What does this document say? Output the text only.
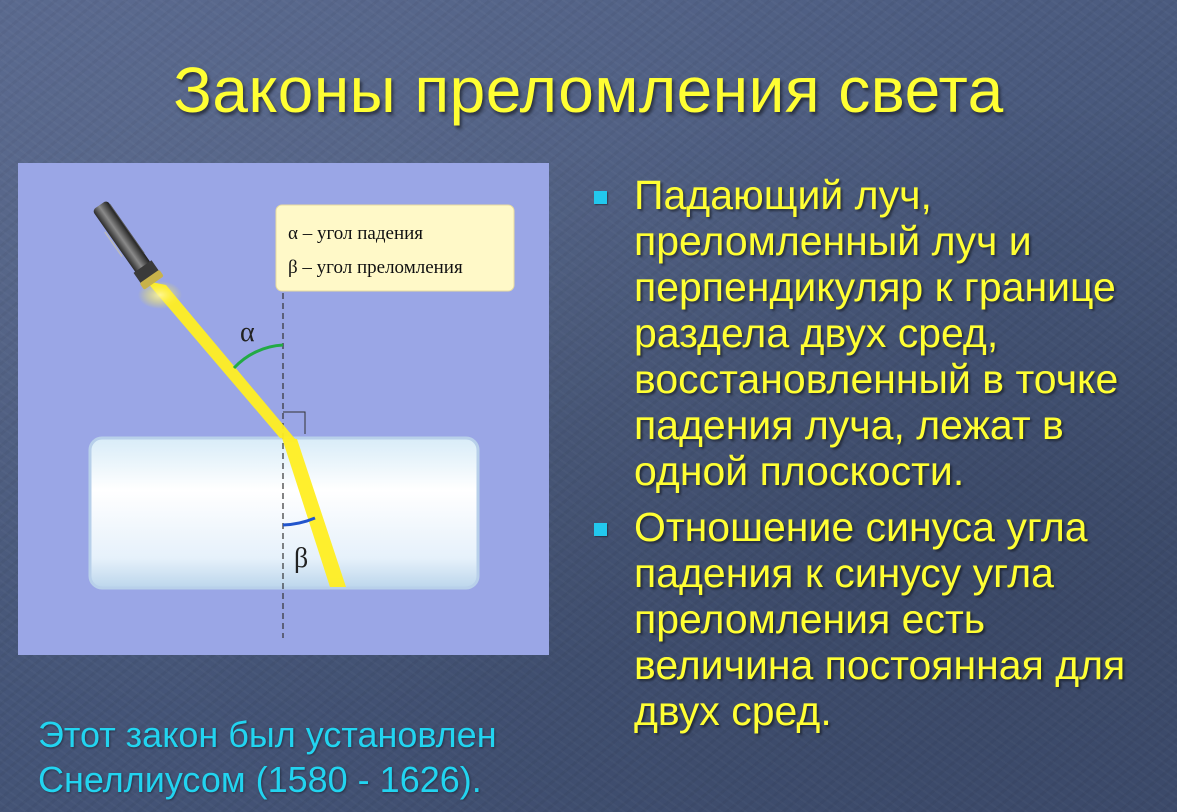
Законы преломления света
α
β
α – угол падения
β – угол преломления
Падающий луч, преломленный луч и перпендикуляр к границе раздела двух сред, восстановленный в точке падения луча, лежат в одной плоскости.
Отношение синуса угла падения к синусу угла преломления есть величина постоянная для двух сред.
Этот закон был установлен
Снеллиусом (1580 - 1626).
